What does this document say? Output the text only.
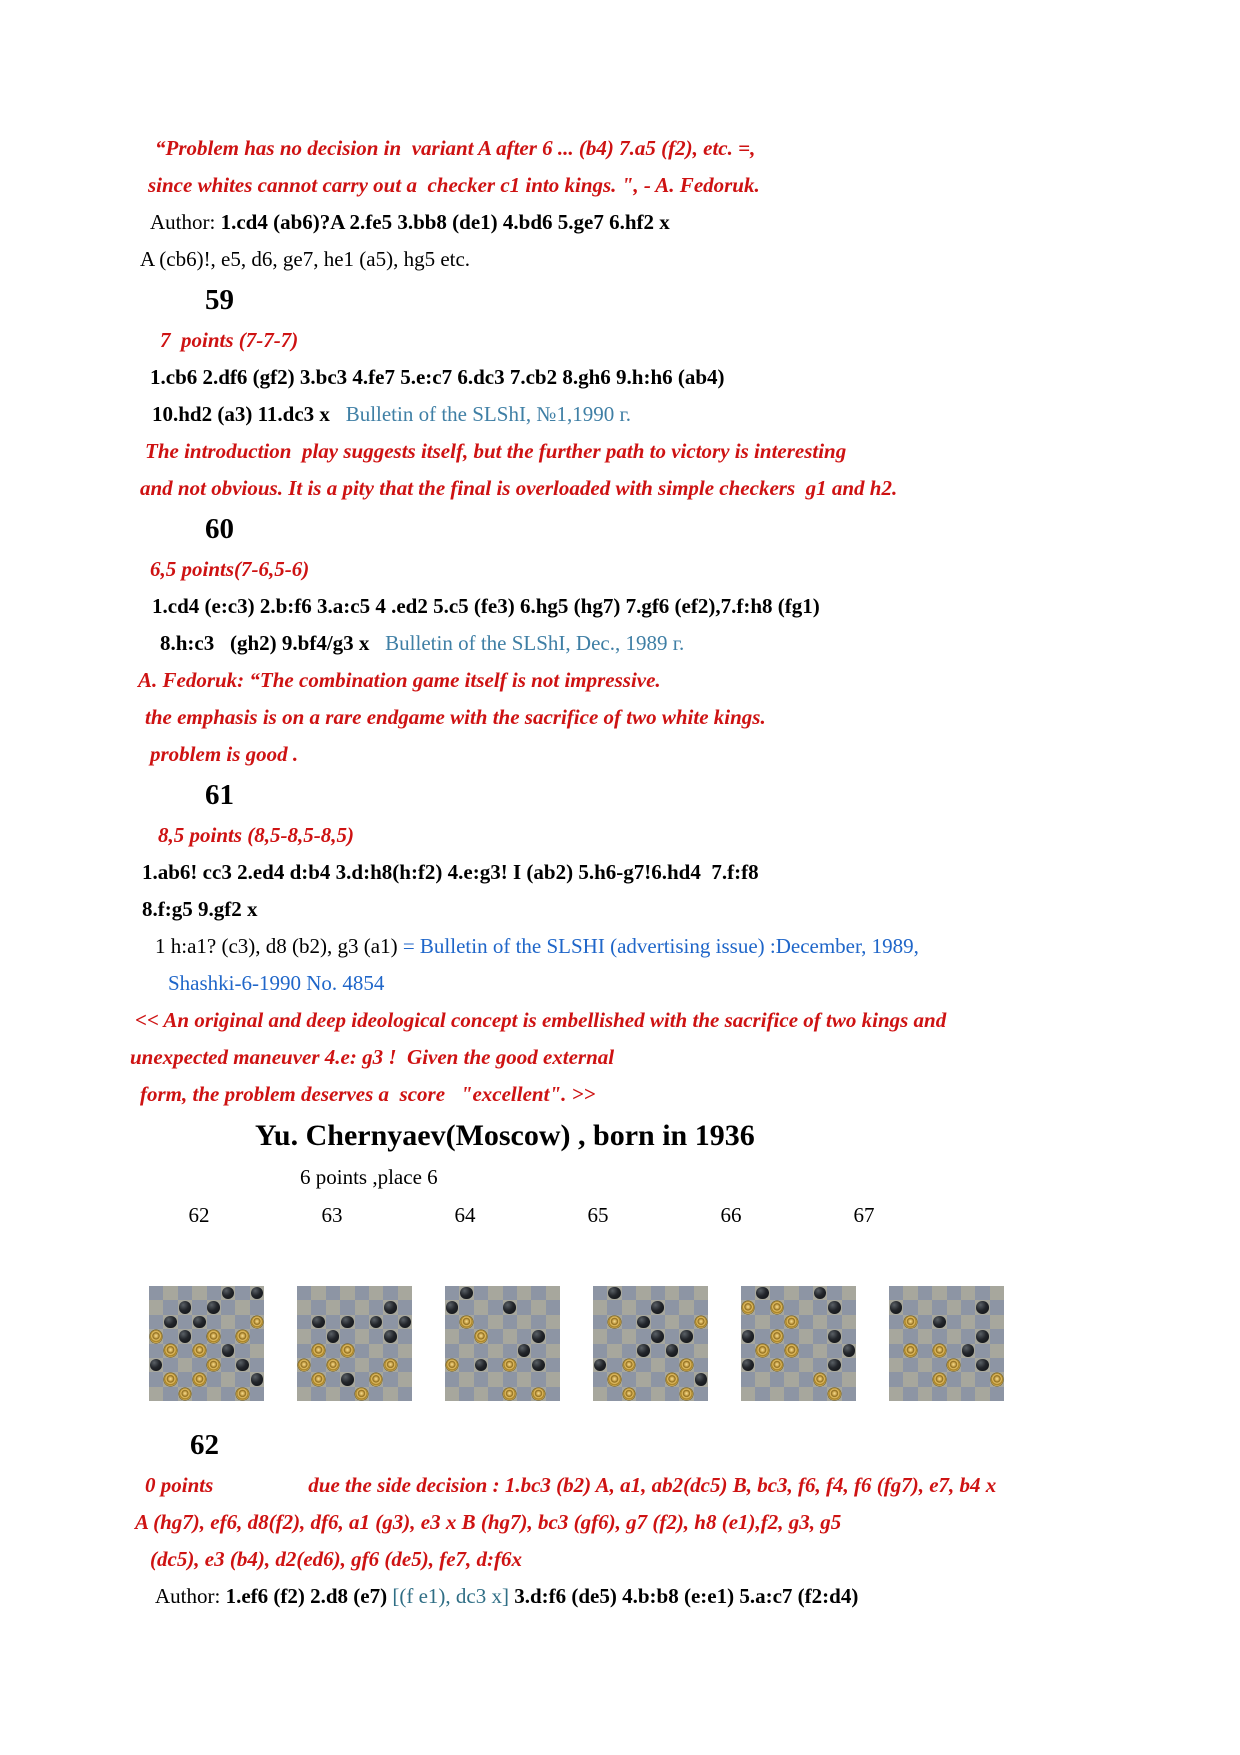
“Problem has no decision in  variant A after 6 ... (b4) 7.a5 (f2), etc. =,
since whites cannot carry out a  checker c1 into kings. ", - A. Fedoruk.
Author: 1.cd4 (ab6)?A 2.fe5 3.bb8 (de1) 4.bd6 5.ge7 6.hf2 x
A (cb6)!, e5, d6, ge7, he1 (a5), hg5 etc.
59
7  points (7-7-7)
1.cb6 2.df6 (gf2) 3.bc3 4.fe7 5.e:c7 6.dc3 7.cb2 8.gh6 9.h:h6 (ab4)
10.hd2 (a3) 11.dc3 x   Bulletin of the SLShI, №1,1990 г.
The introduction  play suggests itself, but the further path to victory is interesting
and not obvious. It is a pity that the final is overloaded with simple checkers  g1 and h2.
60
6,5 points(7-6,5-6)
1.cd4 (e:c3) 2.b:f6 3.a:c5 4 .ed2 5.c5 (fe3) 6.hg5 (hg7) 7.gf6 (ef2),7.f:h8 (fg1)
8.h:c3   (gh2) 9.bf4/g3 x   Bulletin of the SLShI, Dec., 1989 г.
A. Fedoruk: “The combination game itself is not impressive.
the emphasis is on a rare endgame with the sacrifice of two white kings.
problem is good .
61
8,5 points (8,5-8,5-8,5)
1.ab6! cc3 2.ed4 d:b4 3.d:h8(h:f2) 4.e:g3! I (ab2) 5.h6-g7!6.hd4  7.f:f8
8.f:g5 9.gf2 x
1 h:a1? (c3), d8 (b2), g3 (a1) = Bulletin of the SLSHI (advertising issue) :December, 1989,
Shashki-6-1990 No. 4854
<< An original and deep ideological concept is embellished with the sacrifice of two kings and
unexpected maneuver 4.e: g3 !  Given the good external
form, the problem deserves a  score   "excellent". >>
Yu. Chernyaev(Moscow) , born in 1936
6 points ,place 6
62	63	64	65	66	67
62
0 points	due the side decision : 1.bc3 (b2) A, a1, ab2(dc5) B, bc3, f6, f4, f6 (fg7), e7, b4 x
A (hg7), ef6, d8(f2), df6, a1 (g3), e3 x B (hg7), bc3 (gf6), g7 (f2), h8 (e1),f2, g3, g5
(dc5), e3 (b4), d2(ed6), gf6 (de5), fe7, d:f6x
Author: 1.ef6 (f2) 2.d8 (e7) [(f e1), dc3 x] 3.d:f6 (de5) 4.b:b8 (e:e1) 5.a:c7 (f2:d4)
